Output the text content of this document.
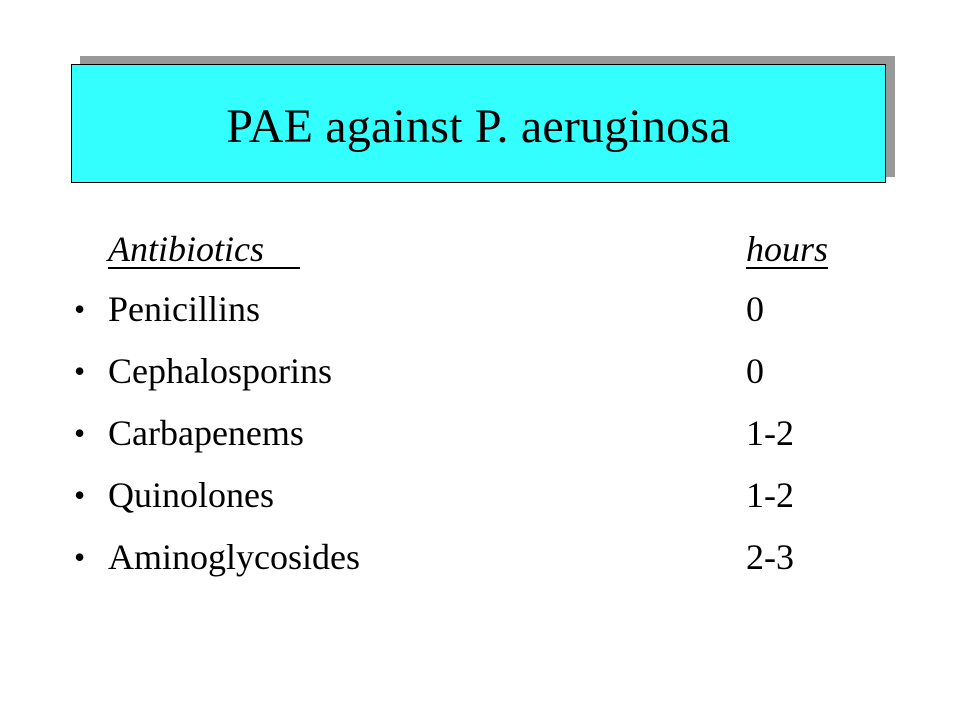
PAE against P. aeruginosa
Antibiotics	hours
• Penicillins	0
• Cephalosporins	0
• Carbapenems	1-2
• Quinolones	1-2
• Aminoglycosides	2-3
